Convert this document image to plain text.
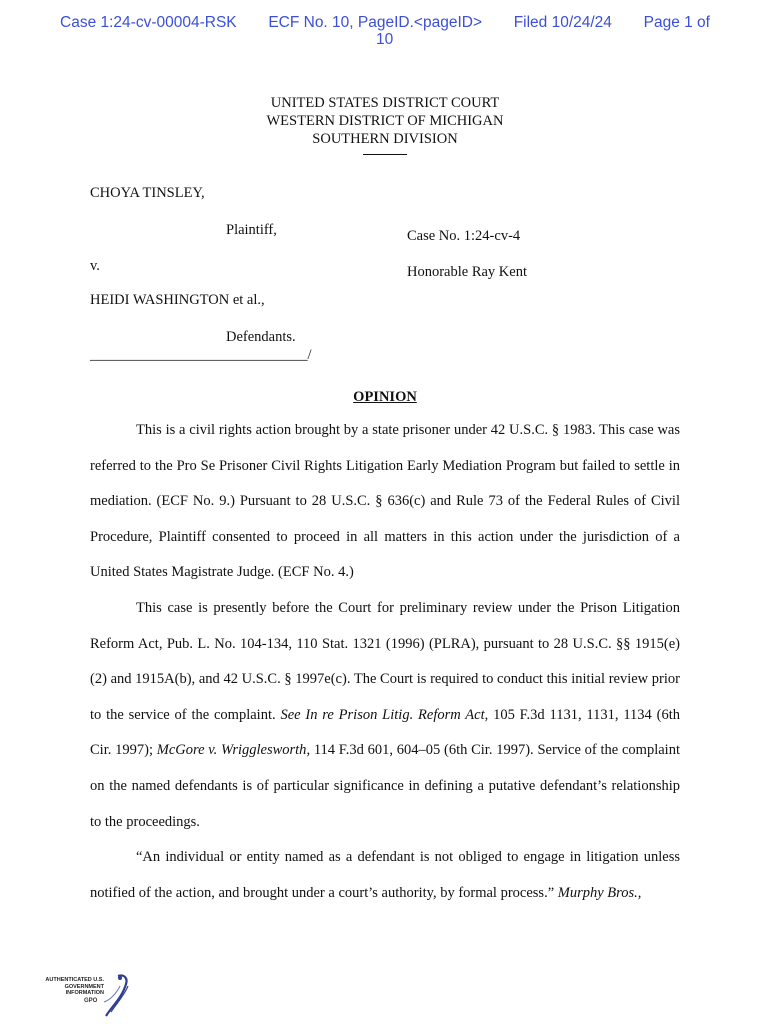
Case 1:24-cv-00004-RSK ECF No. 10, PageID.<pageID> Filed 10/24/24 Page 1 of
10
UNITED STATES DISTRICT COURT
WESTERN DISTRICT OF MICHIGAN
SOUTHERN DIVISION
CHOYA TINSLEY,
Plaintiff,	Case No. 1:24-cv-4
v.	Honorable Ray Kent
HEIDI WASHINGTON et al.,
Defendants.
______________________________/
OPINION

This is a civil rights action brought by a state prisoner under 42 U.S.C. § 1983. This case was referred to the Pro Se Prisoner Civil Rights Litigation Early Mediation Program but failed to settle in mediation. (ECF No. 9.) Pursuant to 28 U.S.C. § 636(c) and Rule 73 of the Federal Rules of Civil Procedure, Plaintiff consented to proceed in all matters in this action under the jurisdiction of a United States Magistrate Judge. (ECF No. 4.)

This case is presently before the Court for preliminary review under the Prison Litigation Reform Act, Pub. L. No. 104-134, 110 Stat. 1321 (1996) (PLRA), pursuant to 28 U.S.C. §§ 1915(e)(2) and 1915A(b), and 42 U.S.C. § 1997e(c). The Court is required to conduct this initial review prior to the service of the complaint. See In re Prison Litig. Reform Act, 105 F.3d 1131, 1131, 1134 (6th Cir. 1997); McGore v. Wrigglesworth, 114 F.3d 601, 604–05 (6th Cir. 1997). Service of the complaint on the named defendants is of particular significance in defining a putative defendant’s relationship to the proceedings.

“An individual or entity named as a defendant is not obliged to engage in litigation unless notified of the action, and brought under a court’s authority, by formal process.” Murphy Bros.,

AUTHENTICATED U.S. GOVERNMENT INFORMATION
GPO
